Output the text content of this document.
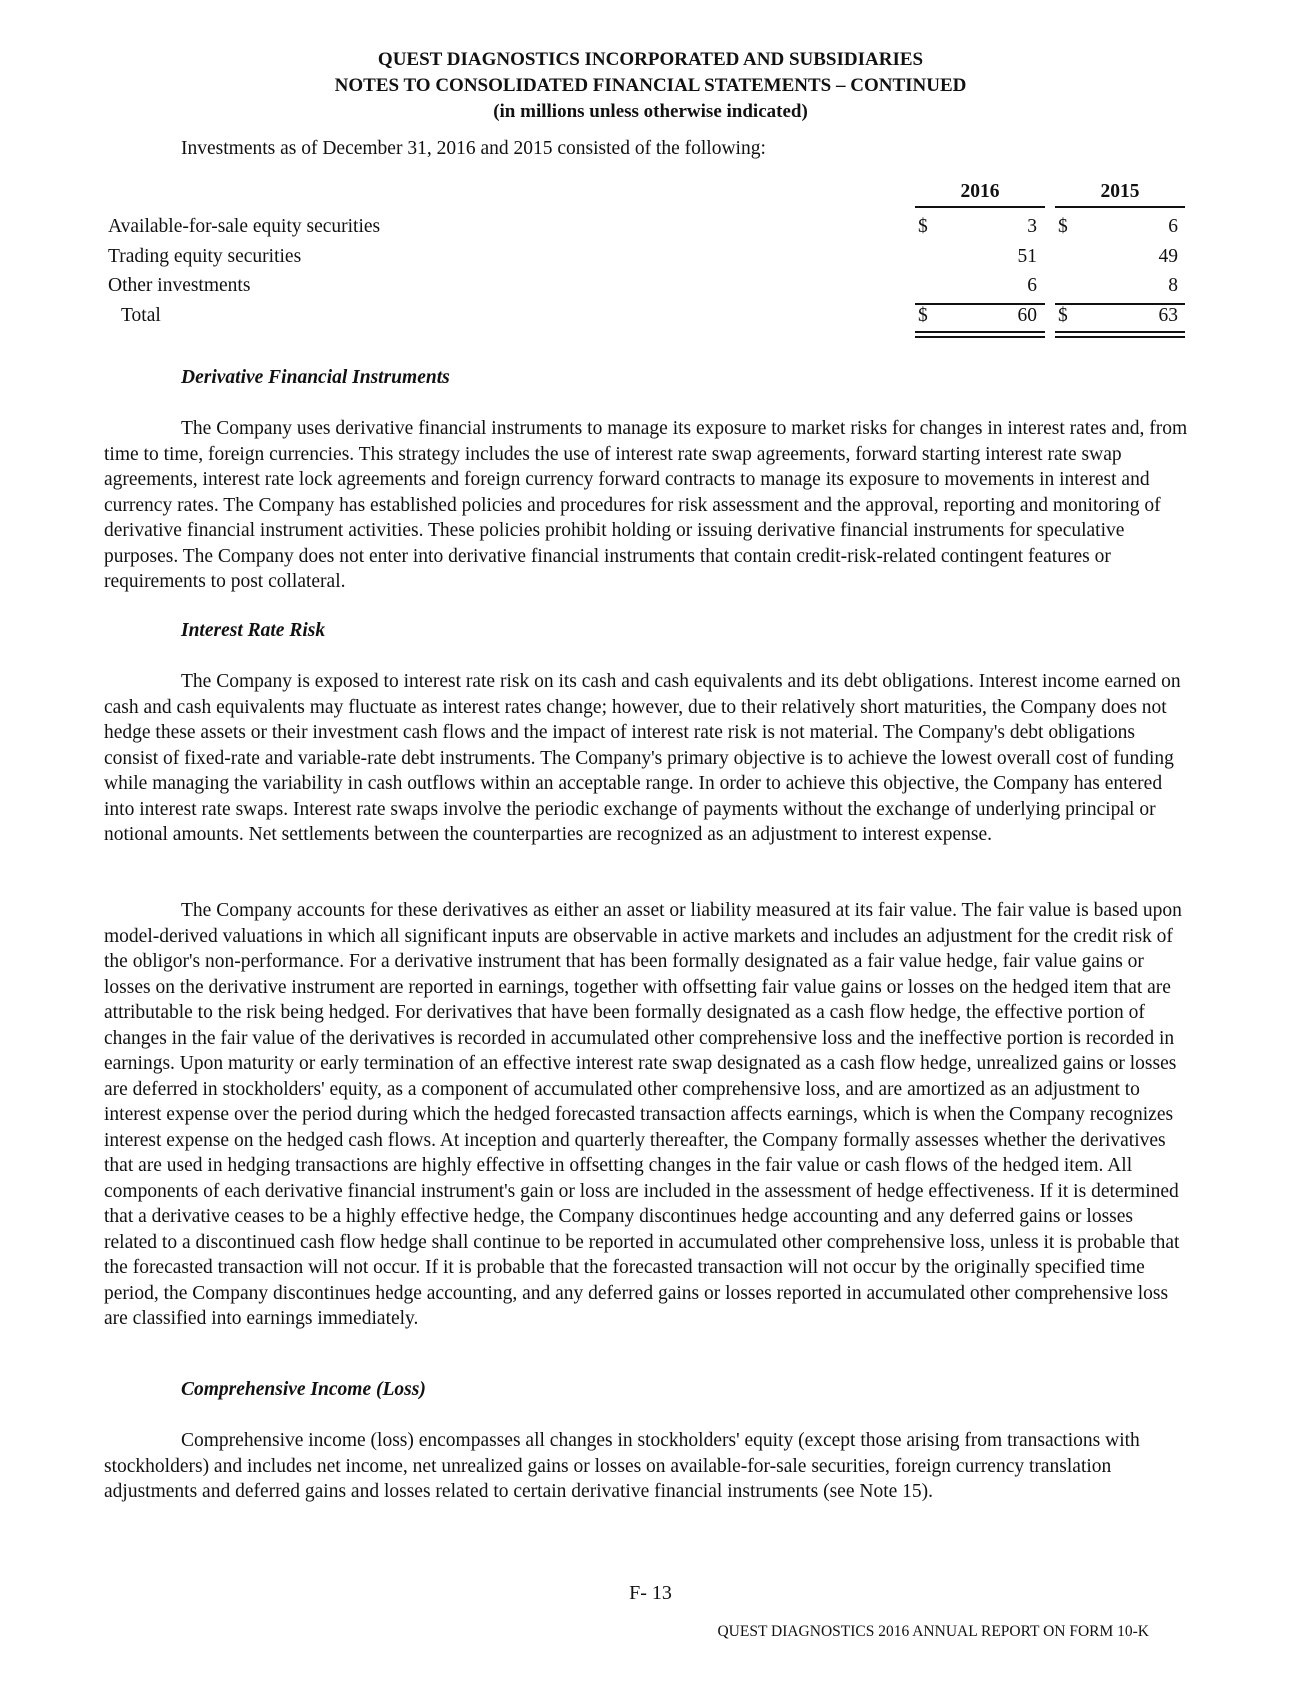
QUEST DIAGNOSTICS INCORPORATED AND SUBSIDIARIES
NOTES TO CONSOLIDATED FINANCIAL STATEMENTS – CONTINUED
(in millions unless otherwise indicated)
Investments as of December 31, 2016 and 2015 consisted of the following:
2016	2015
Available-for-sale equity securities	$	3 $	6
Trading equity securities	51	49
Other investments	6	8
Total	$	60 $	63
Derivative Financial Instruments

The Company uses derivative financial instruments to manage its exposure to market risks for changes in interest rates and, from time to time, foreign currencies. This strategy includes the use of interest rate swap agreements, forward starting interest rate swap agreements, interest rate lock agreements and foreign currency forward contracts to manage its exposure to movements in interest and currency rates. The Company has established policies and procedures for risk assessment and the approval, reporting and monitoring of derivative financial instrument activities. These policies prohibit holding or issuing derivative financial instruments for speculative purposes. The Company does not enter into derivative financial instruments that contain credit-risk-related contingent features or requirements to post collateral.

Interest Rate Risk

The Company is exposed to interest rate risk on its cash and cash equivalents and its debt obligations. Interest income earned on cash and cash equivalents may fluctuate as interest rates change; however, due to their relatively short maturities, the Company does not hedge these assets or their investment cash flows and the impact of interest rate risk is not material. The Company's debt obligations consist of fixed-rate and variable-rate debt instruments. The Company's primary objective is to achieve the lowest overall cost of funding while managing the variability in cash outflows within an acceptable range. In order to achieve this objective, the Company has entered into interest rate swaps. Interest rate swaps involve the periodic exchange of payments without the exchange of underlying principal or notional amounts. Net settlements between the counterparties are recognized as an adjustment to interest expense.

The Company accounts for these derivatives as either an asset or liability measured at its fair value. The fair value is based upon model-derived valuations in which all significant inputs are observable in active markets and includes an adjustment for the credit risk of the obligor's non-performance. For a derivative instrument that has been formally designated as a fair value hedge, fair value gains or losses on the derivative instrument are reported in earnings, together with offsetting fair value gains or losses on the hedged item that are attributable to the risk being hedged. For derivatives that have been formally designated as a cash flow hedge, the effective portion of changes in the fair value of the derivatives is recorded in accumulated other comprehensive loss and the ineffective portion is recorded in earnings. Upon maturity or early termination of an effective interest rate swap designated as a cash flow hedge, unrealized gains or losses are deferred in stockholders' equity, as a component of accumulated other comprehensive loss, and are amortized as an adjustment to interest expense over the period during which the hedged forecasted transaction affects earnings, which is when the Company recognizes interest expense on the hedged cash flows. At inception and quarterly thereafter, the Company formally assesses whether the derivatives that are used in hedging transactions are highly effective in offsetting changes in the fair value or cash flows of the hedged item. All components of each derivative financial instrument's gain or loss are included in the assessment of hedge effectiveness. If it is determined that a derivative ceases to be a highly effective hedge, the Company discontinues hedge accounting and any deferred gains or losses related to a discontinued cash flow hedge shall continue to be reported in accumulated other comprehensive loss, unless it is probable that the forecasted transaction will not occur. If it is probable that the forecasted transaction will not occur by the originally specified time period, the Company discontinues hedge accounting, and any deferred gains or losses reported in accumulated other comprehensive loss are classified into earnings immediately.

Comprehensive Income (Loss)

Comprehensive income (loss) encompasses all changes in stockholders' equity (except those arising from transactions with stockholders) and includes net income, net unrealized gains or losses on available-for-sale securities, foreign currency translation adjustments and deferred gains and losses related to certain derivative financial instruments (see Note 15).

F- 13
QUEST DIAGNOSTICS 2016 ANNUAL REPORT ON FORM 10-K
